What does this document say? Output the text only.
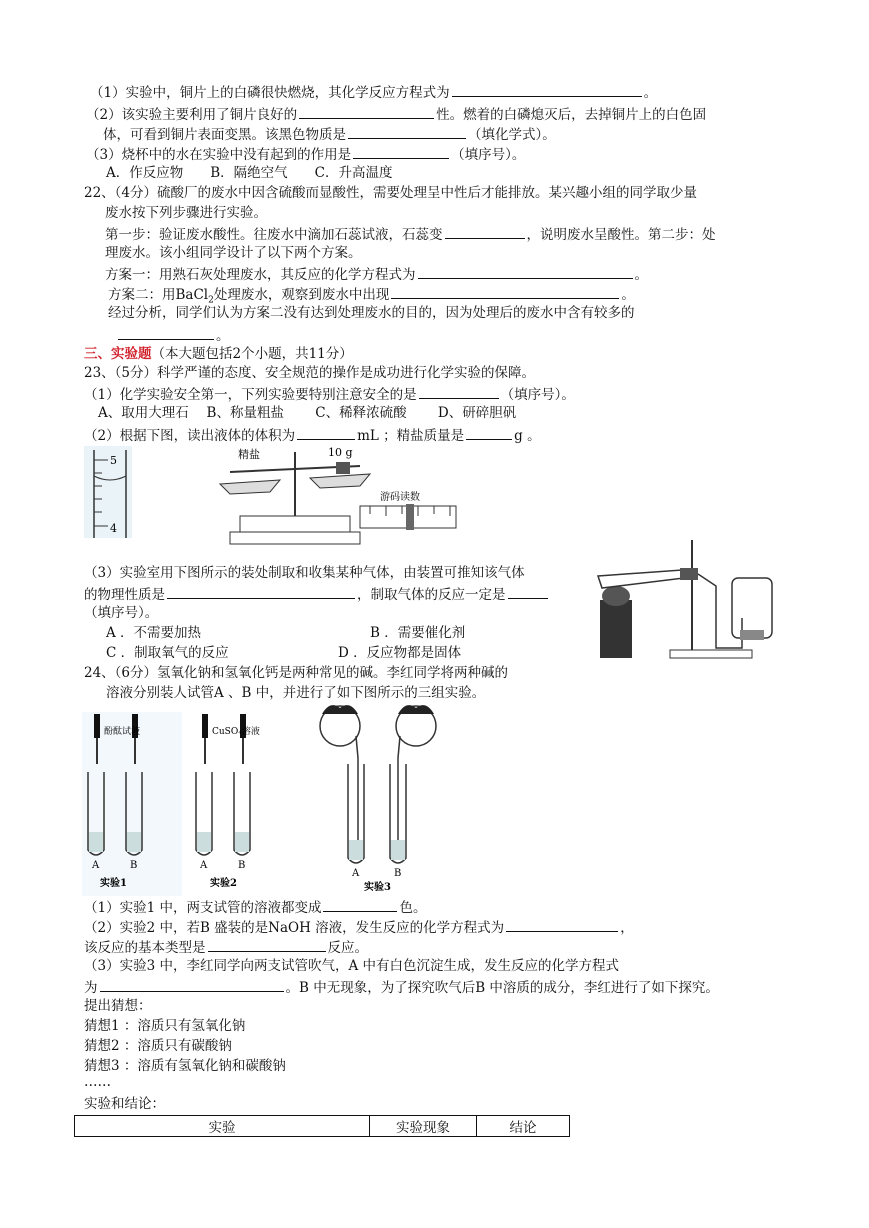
（1）实验中，铜片上的白磷很快燃烧，其化学反应方程式为	。
（2）该实验主要利用了铜片良好的	性。燃着的白磷熄灭后，去掉铜片上的白色固
体，可看到铜片表面变黑。该黑色物质是	（填化学式）。
（3）烧杯中的水在实验中没有起到的作用是	（填序号）。
A．作反应物　　B．隔绝空气　　C．升高温度
22、（4分）硫酸厂的废水中因含硫酸而显酸性，需要处理呈中性后才能排放。某兴趣小组的同学取少量
废水按下列步骤进行实验。
第一步：验证废水酸性。往废水中滴加石蕊试液，石蕊变	，说明废水呈酸性。第二步：处
理废水。该小组同学设计了以下两个方案。
方案一：用熟石灰处理废水，其反应的化学方程式为	。
方案二：用BaCl$_2$处理废水，观察到废水中出现	。
经过分析，同学们认为方案二没有达到处理废水的目的，因为处理后的废水中含有较多的
。
三、实验题（本大题包括2个小题，共11分）
23、（5分）科学严谨的态度、安全规范的操作是成功进行化学实验的保障。
（1）化学实验安全第一，下列实验要特别注意安全的是	（填序号）。
A、取用大理石　 B、称量粗盐　　 C、稀释浓硫酸　　 D、研碎胆矾
（2）根据下图，读出液体的体积为	mL ；精盐质量是	g 。
5
4
精盐	10 g
游码读数
（3）实验室用下图所示的装处制取和收集某种气体，由装置可推知该气体
的物理性质是	，制取气体的反应一定是
（填序号）。
A ．不需要加热	B ．需要催化剂
C ．制取氧气的反应	D ．反应物都是固体
24、（6分）氢氧化钠和氢氧化钙是两种常见的碱。李红同学将两种碱的
溶液分别装人试管A 、B 中，并进行了如下图所示的三组实验。
酚酞试液
A	B
实验1
CuSO₄溶液
A	B
实验2
A	B
实验3
（1）实验1 中，两支试管的溶液都变成	色。
（2）实验2 中，若B 盛装的是NaOH 溶液，发生反应的化学方程式为	，
该反应的基本类型是	反应。
（3）实验3 中，李红同学向两支试管吹气，A 中有白色沉淀生成，发生反应的化学方程式
为	。B 中无现象，为了探究吹气后B 中溶质的成分，李红进行了如下探究。
提出猜想：
猜想1 ：溶质只有氢氧化钠
猜想2 ：溶质只有碳酸钠
猜想3 ：溶质有氢氧化钠和碳酸钠
……
实验和结论：
实验	实验现象	结论
